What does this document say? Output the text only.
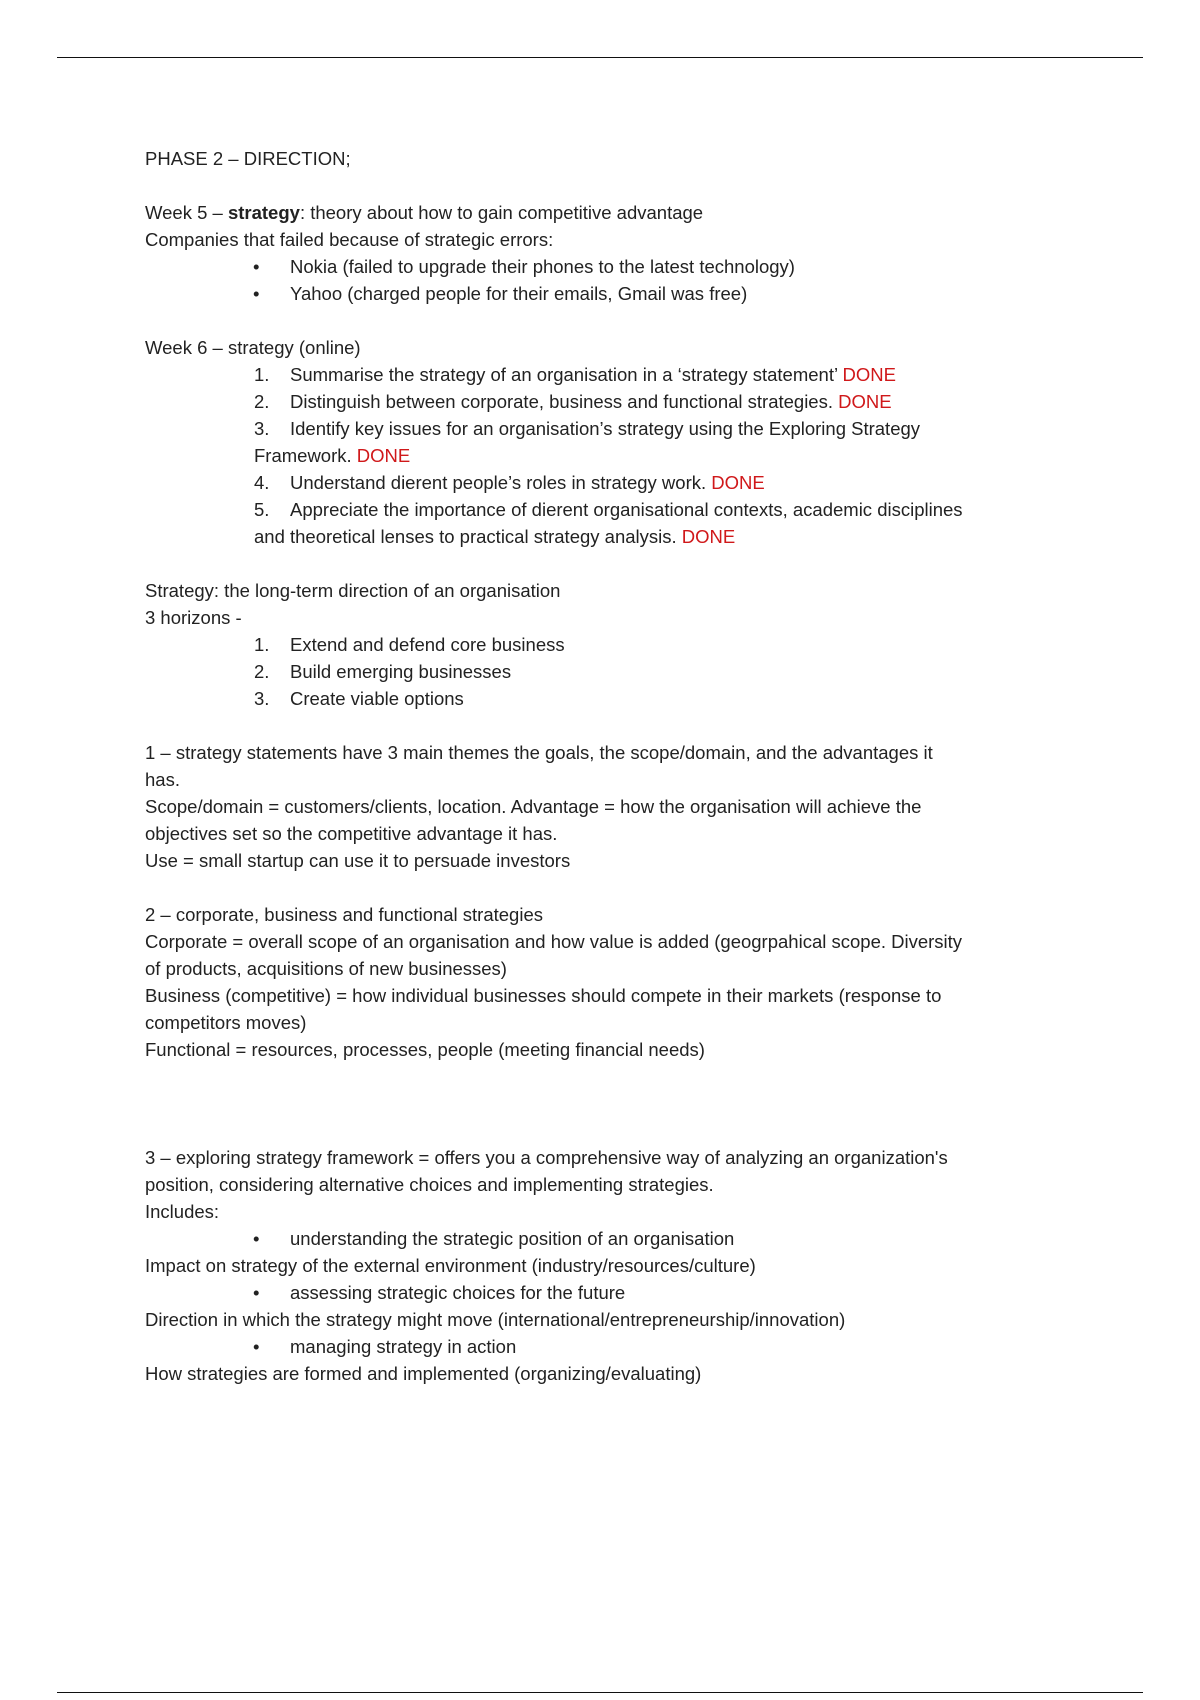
PHASE 2 – DIRECTION;

Week 5 – strategy: theory about how to gain competitive advantage

Companies that failed because of strategic errors:

• Nokia (failed to upgrade their phones to the latest technology)
• Yahoo (charged people for their emails, Gmail was free)

Week 6 – strategy (online)

1. Summarise the strategy of an organisation in a ‘strategy statement’ DONE
2. Distinguish between corporate, business and functional strategies. DONE
3. Identify key issues for an organisation’s strategy using the Exploring Strategy
Framework. DONE
4. Understand dierent people’s roles in strategy work. DONE
5. Appreciate the importance of dierent organisational contexts, academic disciplines
and theoretical lenses to practical strategy analysis. DONE

Strategy: the long-term direction of an organisation

3 horizons -

1. Extend and defend core business
2. Build emerging businesses
3. Create viable options

1 – strategy statements have 3 main themes the goals, the scope/domain, and the advantages it

has.

Scope/domain = customers/clients, location. Advantage = how the organisation will achieve the

objectives set so the competitive advantage it has.

Use = small startup can use it to persuade investors

2 – corporate, business and functional strategies

Corporate = overall scope of an organisation and how value is added (geogrpahical scope. Diversity

of products, acquisitions of new businesses)

Business (competitive) = how individual businesses should compete in their markets (response to

competitors moves)

Functional = resources, processes, people (meeting financial needs)

3 – exploring strategy framework = offers you a comprehensive way of analyzing an organization's

position, considering alternative choices and implementing strategies.

Includes:

• understanding the strategic position of an organisation

Impact on strategy of the external environment (industry/resources/culture)

• assessing strategic choices for the future

Direction in which the strategy might move (international/entrepreneurship/innovation)

• managing strategy in action

How strategies are formed and implemented (organizing/evaluating)
